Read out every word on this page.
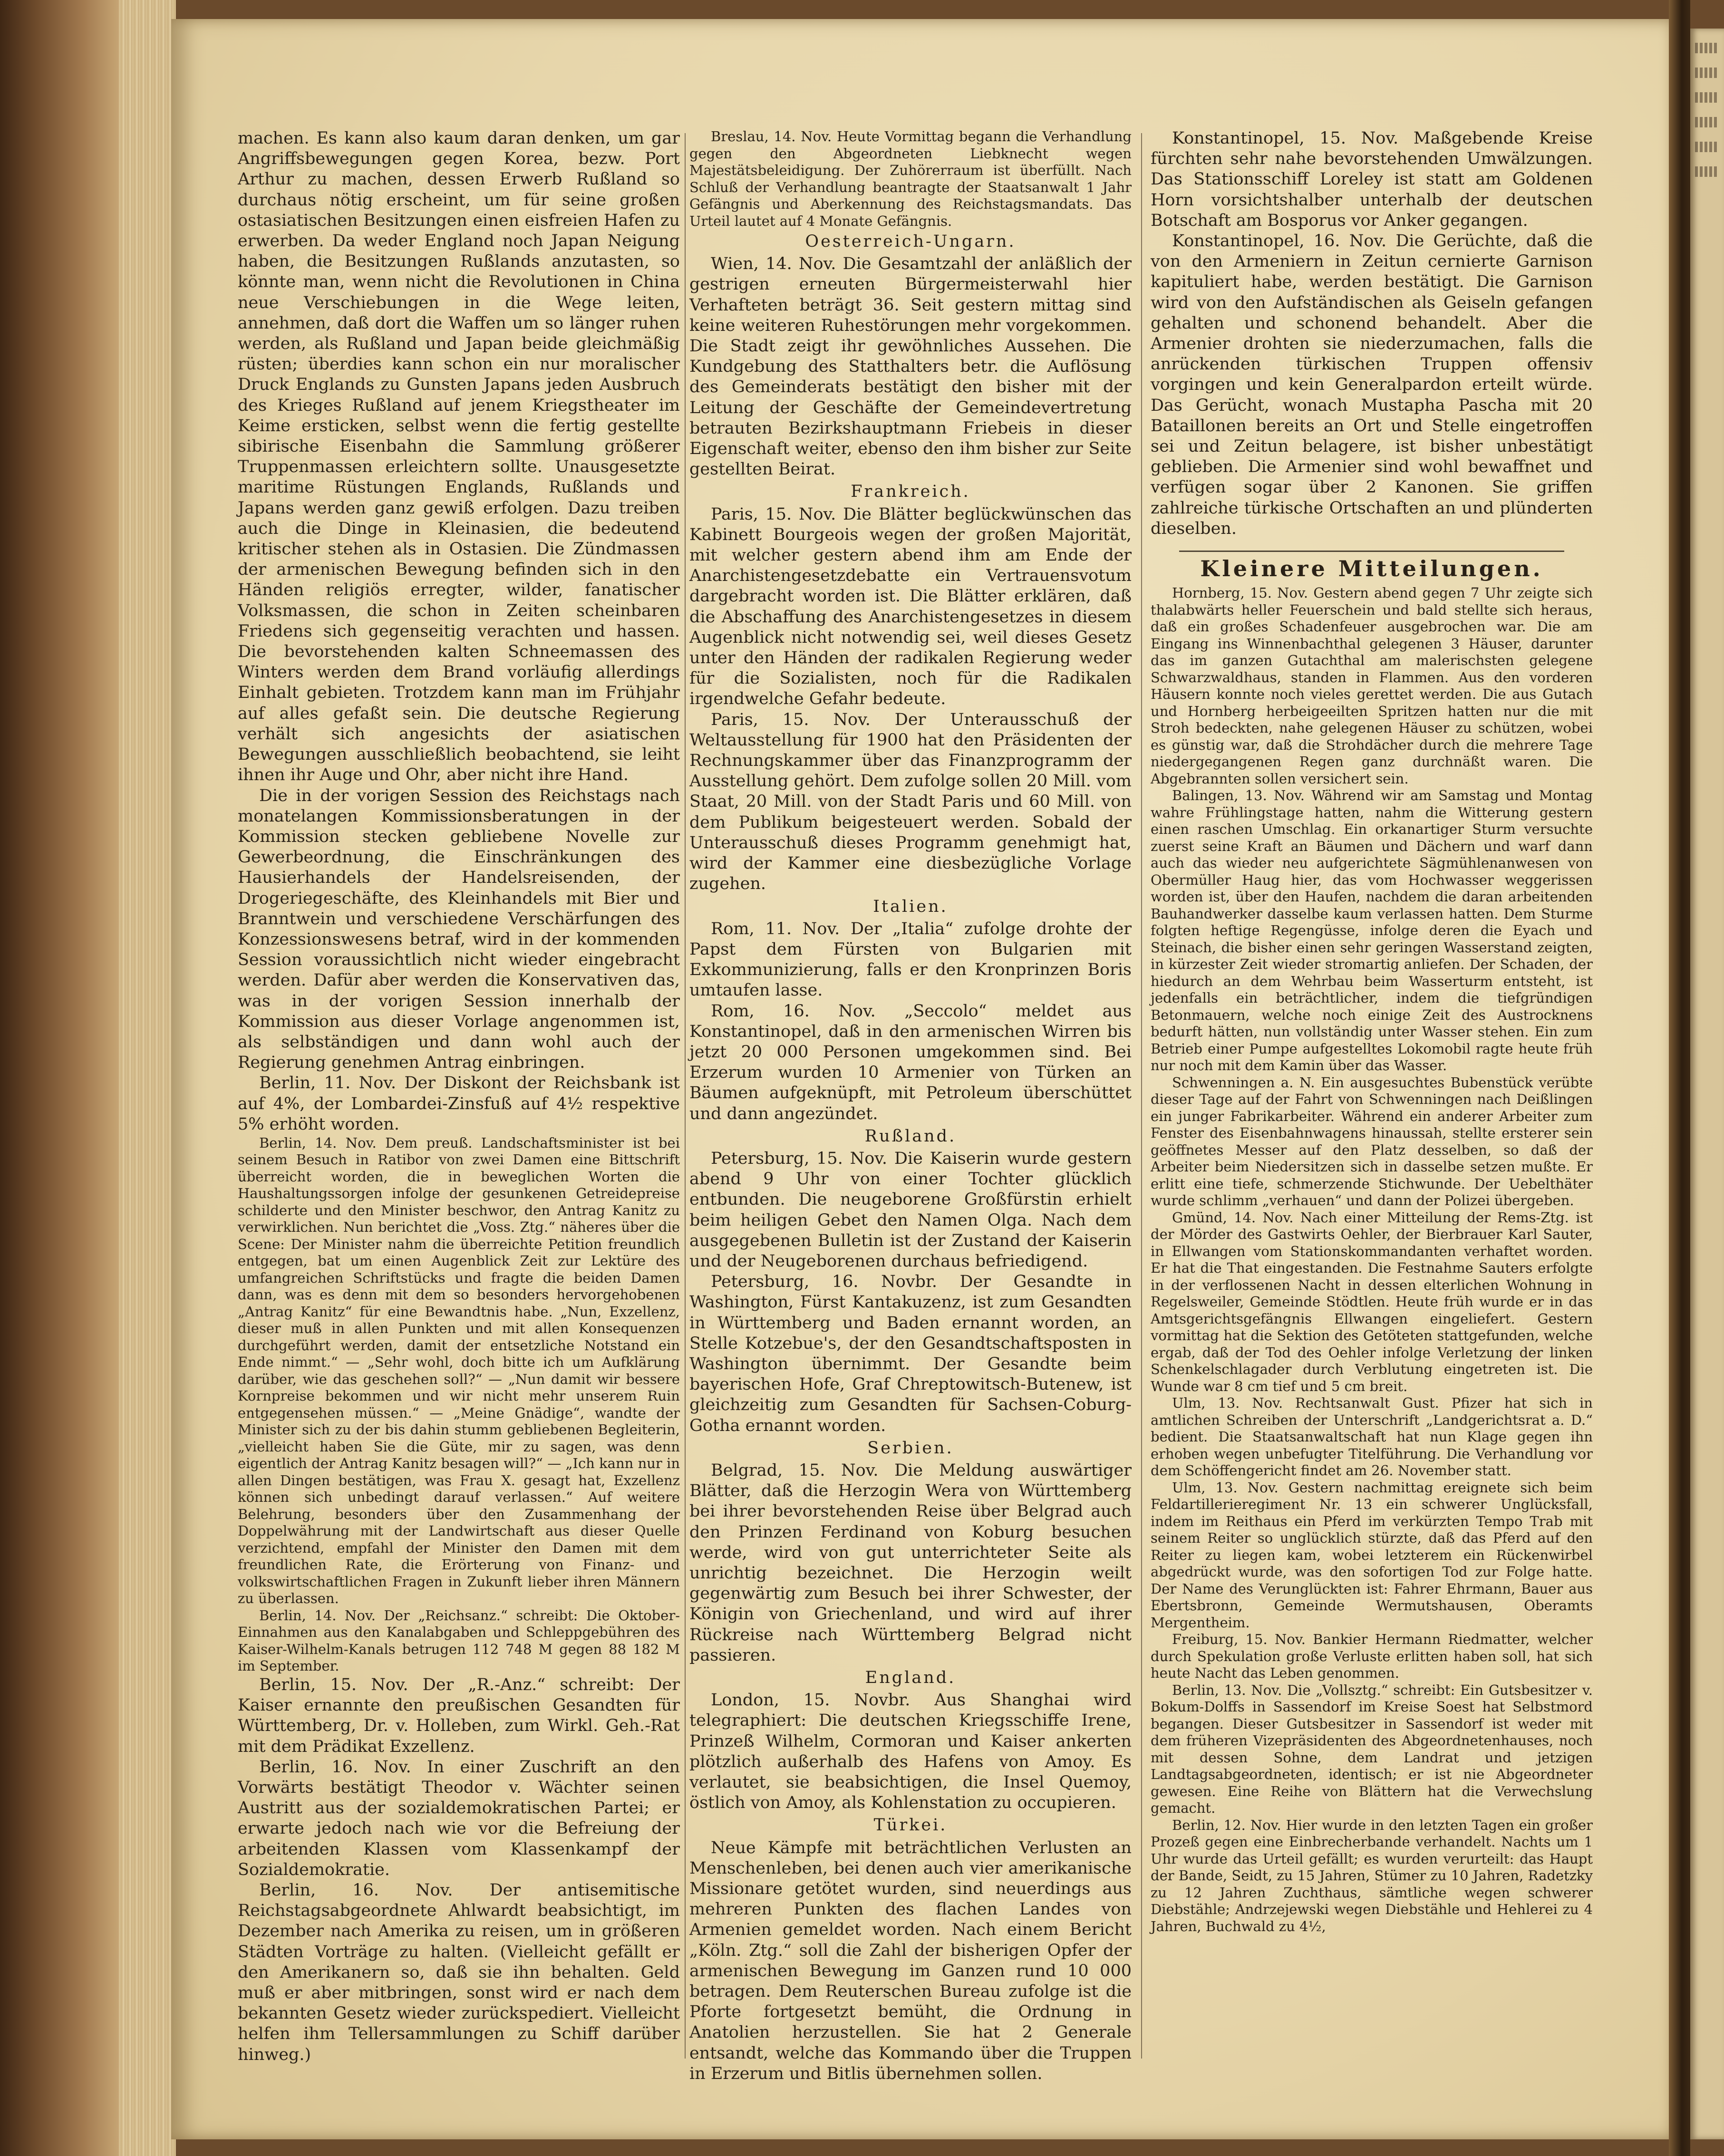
machen. Es kann also kaum daran denken, um gar Angriffsbewegungen gegen Korea, bezw. Port Arthur zu machen, dessen Erwerb Rußland so durchaus nötig erscheint, um für seine großen ostasiatischen Besitzungen einen eisfreien Hafen zu erwerben. Da weder England noch Japan Neigung haben, die Besitzungen Rußlands anzutasten, so könnte man, wenn nicht die Revolutionen in China neue Verschiebungen in die Wege leiten, annehmen, daß dort die Waffen um so länger ruhen werden, als Rußland und Japan beide gleichmäßig rüsten; überdies kann schon ein nur moralischer Druck Englands zu Gunsten Japans jeden Ausbruch des Krieges Rußland auf jenem Kriegstheater im Keime ersticken, selbst wenn die fertig gestellte sibirische Eisenbahn die Sammlung größerer Truppenmassen erleichtern sollte. Unausgesetzte maritime Rüstungen Englands, Rußlands und Japans werden ganz gewiß erfolgen. Dazu treiben auch die Dinge in Kleinasien, die bedeutend kritischer stehen als in Ostasien. Die Zündmassen der armenischen Bewegung befinden sich in den Händen religiös erregter, wilder, fanatischer Volksmassen, die schon in Zeiten scheinbaren Friedens sich gegenseitig verachten und hassen. Die bevorstehenden kalten Schneemassen des Winters werden dem Brand vorläufig allerdings Einhalt gebieten. Trotzdem kann man im Frühjahr auf alles gefaßt sein. Die deutsche Regierung verhält sich angesichts der asiatischen Bewegungen ausschließlich beobachtend, sie leiht ihnen ihr Auge und Ohr, aber nicht ihre Hand.

Die in der vorigen Session des Reichstags nach monatelangen Kommissionsberatungen in der Kommission stecken gebliebene Novelle zur Gewerbeordnung, die Einschränkungen des Hausierhandels der Handelsreisenden, der Drogeriegeschäfte, des Kleinhandels mit Bier und Branntwein und verschiedene Verschärfungen des Konzessionswesens betraf, wird in der kommenden Session voraussichtlich nicht wieder eingebracht werden. Dafür aber werden die Konservativen das, was in der vorigen Session innerhalb der Kommission aus dieser Vorlage angenommen ist, als selbständigen und dann wohl auch der Regierung genehmen Antrag einbringen.

Berlin, 11. Nov. Der Diskont der Reichsbank ist auf 4%, der Lombardei-Zinsfuß auf 4½ respektive 5% erhöht worden.

Berlin, 14. Nov. Dem preuß. Landschaftsminister ist bei seinem Besuch in Ratibor von zwei Damen eine Bittschrift überreicht worden, die in beweglichen Worten die Haushaltungssorgen infolge der gesunkenen Getreidepreise schilderte und den Minister beschwor, den Antrag Kanitz zu verwirklichen. Nun berichtet die „Voss. Ztg.“ näheres über die Scene: Der Minister nahm die überreichte Petition freundlich entgegen, bat um einen Augenblick Zeit zur Lektüre des umfangreichen Schriftstücks und fragte die beiden Damen dann, was es denn mit dem so besonders hervorgehobenen „Antrag Kanitz“ für eine Bewandtnis habe. „Nun, Exzellenz, dieser muß in allen Punkten und mit allen Konsequenzen durchgeführt werden, damit der entsetzliche Notstand ein Ende nimmt.“ — „Sehr wohl, doch bitte ich um Aufklärung darüber, wie das geschehen soll?“ — „Nun damit wir bessere Kornpreise bekommen und wir nicht mehr unserem Ruin entgegensehen müssen.“ — „Meine Gnädige“, wandte der Minister sich zu der bis dahin stumm gebliebenen Begleiterin, „vielleicht haben Sie die Güte, mir zu sagen, was denn eigentlich der Antrag Kanitz besagen will?“ — „Ich kann nur in allen Dingen bestätigen, was Frau X. gesagt hat, Exzellenz können sich unbedingt darauf verlassen.“ Auf weitere Belehrung, besonders über den Zusammenhang der Doppelwährung mit der Landwirtschaft aus dieser Quelle verzichtend, empfahl der Minister den Damen mit dem freundlichen Rate, die Erörterung von Finanz- und volkswirtschaftlichen Fragen in Zukunft lieber ihren Männern zu überlassen.

Berlin, 14. Nov. Der „Reichsanz.“ schreibt: Die Oktober-Einnahmen aus den Kanalabgaben und Schleppgebühren des Kaiser-Wilhelm-Kanals betrugen 112 748 M gegen 88 182 M im September.

Berlin, 15. Nov. Der „R.-Anz.“ schreibt: Der Kaiser ernannte den preußischen Gesandten für Württemberg, Dr. v. Holleben, zum Wirkl. Geh.-Rat mit dem Prädikat Exzellenz.

Berlin, 16. Nov. In einer Zuschrift an den Vorwärts bestätigt Theodor v. Wächter seinen Austritt aus der sozialdemokratischen Partei; er erwarte jedoch nach wie vor die Befreiung der arbeitenden Klassen vom Klassenkampf der Sozialdemokratie.

Berlin, 16. Nov. Der antisemitische Reichstagsabgeordnete Ahlwardt beabsichtigt, im Dezember nach Amerika zu reisen, um in größeren Städten Vorträge zu halten. (Vielleicht gefällt er den Amerikanern so, daß sie ihn behalten. Geld muß er aber mitbringen, sonst wird er nach dem bekannten Gesetz wieder zurückspediert. Vielleicht helfen ihm Tellersammlungen zu Schiff darüber hinweg.)

Breslau, 14. Nov. Heute Vormittag begann die Verhandlung gegen den Abgeordneten Liebknecht wegen Majestätsbeleidigung. Der Zuhörerraum ist überfüllt. Nach Schluß der Verhandlung beantragte der Staatsanwalt 1 Jahr Gefängnis und Aberkennung des Reichstagsmandats. Das Urteil lautet auf 4 Monate Gefängnis.

Oesterreich-Ungarn.

Wien, 14. Nov. Die Gesamtzahl der anläßlich der gestrigen erneuten Bürgermeisterwahl hier Verhafteten beträgt 36. Seit gestern mittag sind keine weiteren Ruhestörungen mehr vorgekommen. Die Stadt zeigt ihr gewöhnliches Aussehen. Die Kundgebung des Statthalters betr. die Auflösung des Gemeinderats bestätigt den bisher mit der Leitung der Geschäfte der Gemeindevertretung betrauten Bezirkshauptmann Friebeis in dieser Eigenschaft weiter, ebenso den ihm bisher zur Seite gestellten Beirat.

Frankreich.

Paris, 15. Nov. Die Blätter beglückwünschen das Kabinett Bourgeois wegen der großen Majorität, mit welcher gestern abend ihm am Ende der Anarchistengesetzdebatte ein Vertrauensvotum dargebracht worden ist. Die Blätter erklären, daß die Abschaffung des Anarchistengesetzes in diesem Augenblick nicht notwendig sei, weil dieses Gesetz unter den Händen der radikalen Regierung weder für die Sozialisten, noch für die Radikalen irgendwelche Gefahr bedeute.

Paris, 15. Nov. Der Unterausschuß der Weltausstellung für 1900 hat den Präsidenten der Rechnungskammer über das Finanzprogramm der Ausstellung gehört. Dem zufolge sollen 20 Mill. vom Staat, 20 Mill. von der Stadt Paris und 60 Mill. von dem Publikum beigesteuert werden. Sobald der Unterausschuß dieses Programm genehmigt hat, wird der Kammer eine diesbezügliche Vorlage zugehen.

Italien.

Rom, 11. Nov. Der „Italia“ zufolge drohte der Papst dem Fürsten von Bulgarien mit Exkommunizierung, falls er den Kronprinzen Boris umtaufen lasse.

Rom, 16. Nov. „Seccolo“ meldet aus Konstantinopel, daß in den armenischen Wirren bis jetzt 20 000 Personen umgekommen sind. Bei Erzerum wurden 10 Armenier von Türken an Bäumen aufgeknüpft, mit Petroleum überschüttet und dann angezündet.

Rußland.

Petersburg, 15. Nov. Die Kaiserin wurde gestern abend 9 Uhr von einer Tochter glücklich entbunden. Die neugeborene Großfürstin erhielt beim heiligen Gebet den Namen Olga. Nach dem ausgegebenen Bulletin ist der Zustand der Kaiserin und der Neugeborenen durchaus befriedigend.

Petersburg, 16. Novbr. Der Gesandte in Washington, Fürst Kantakuzenz, ist zum Gesandten in Württemberg und Baden ernannt worden, an Stelle Kotzebue's, der den Gesandtschaftsposten in Washington übernimmt. Der Gesandte beim bayerischen Hofe, Graf Chreptowitsch-Butenew, ist gleichzeitig zum Gesandten für Sachsen-Coburg-Gotha ernannt worden.

Serbien.

Belgrad, 15. Nov. Die Meldung auswärtiger Blätter, daß die Herzogin Wera von Württemberg bei ihrer bevorstehenden Reise über Belgrad auch den Prinzen Ferdinand von Koburg besuchen werde, wird von gut unterrichteter Seite als unrichtig bezeichnet. Die Herzogin weilt gegenwärtig zum Besuch bei ihrer Schwester, der Königin von Griechenland, und wird auf ihrer Rückreise nach Württemberg Belgrad nicht passieren.

England.

London, 15. Novbr. Aus Shanghai wird telegraphiert: Die deutschen Kriegsschiffe Irene, Prinzeß Wilhelm, Cormoran und Kaiser ankerten plötzlich außerhalb des Hafens von Amoy. Es verlautet, sie beabsichtigen, die Insel Quemoy, östlich von Amoy, als Kohlenstation zu occupieren.

Türkei.

Neue Kämpfe mit beträchtlichen Verlusten an Menschenleben, bei denen auch vier amerikanische Missionare getötet wurden, sind neuerdings aus mehreren Punkten des flachen Landes von Armenien gemeldet worden. Nach einem Bericht „Köln. Ztg.“ soll die Zahl der bisherigen Opfer der armenischen Bewegung im Ganzen rund 10 000 betragen. Dem Reuterschen Bureau zufolge ist die Pforte fortgesetzt bemüht, die Ordnung in Anatolien herzustellen. Sie hat 2 Generale entsandt, welche das Kommando über die Truppen in Erzerum und Bitlis übernehmen sollen.

Konstantinopel, 15. Nov. Maßgebende Kreise fürchten sehr nahe bevorstehenden Umwälzungen. Das Stationsschiff Loreley ist statt am Goldenen Horn vorsichtshalber unterhalb der deutschen Botschaft am Bosporus vor Anker gegangen.

Konstantinopel, 16. Nov. Die Gerüchte, daß die von den Armeniern in Zeitun cernierte Garnison kapituliert habe, werden bestätigt. Die Garnison wird von den Aufständischen als Geiseln gefangen gehalten und schonend behandelt. Aber die Armenier drohten sie niederzumachen, falls die anrückenden türkischen Truppen offensiv vorgingen und kein Generalpardon erteilt würde. Das Gerücht, wonach Mustapha Pascha mit 20 Bataillonen bereits an Ort und Stelle eingetroffen sei und Zeitun belagere, ist bisher unbestätigt geblieben. Die Armenier sind wohl bewaffnet und verfügen sogar über 2 Kanonen. Sie griffen zahlreiche türkische Ortschaften an und plünderten dieselben.

Kleinere Mitteilungen.

Hornberg, 15. Nov. Gestern abend gegen 7 Uhr zeigte sich thalabwärts heller Feuerschein und bald stellte sich heraus, daß ein großes Schadenfeuer ausgebrochen war. Die am Eingang ins Winnenbachthal gelegenen 3 Häuser, darunter das im ganzen Gutachthal am malerischsten gelegene Schwarzwaldhaus, standen in Flammen. Aus den vorderen Häusern konnte noch vieles gerettet werden. Die aus Gutach und Hornberg herbeigeeilten Spritzen hatten nur die mit Stroh bedeckten, nahe gelegenen Häuser zu schützen, wobei es günstig war, daß die Strohdächer durch die mehrere Tage niedergegangenen Regen ganz durchnäßt waren. Die Abgebrannten sollen versichert sein.

Balingen, 13. Nov. Während wir am Samstag und Montag wahre Frühlingstage hatten, nahm die Witterung gestern einen raschen Umschlag. Ein orkanartiger Sturm versuchte zuerst seine Kraft an Bäumen und Dächern und warf dann auch das wieder neu aufgerichtete Sägmühlenanwesen von Obermüller Haug hier, das vom Hochwasser weggerissen worden ist, über den Haufen, nachdem die daran arbeitenden Bauhandwerker dasselbe kaum verlassen hatten. Dem Sturme folgten heftige Regengüsse, infolge deren die Eyach und Steinach, die bisher einen sehr geringen Wasserstand zeigten, in kürzester Zeit wieder stromartig anliefen. Der Schaden, der hiedurch an dem Wehrbau beim Wasserturm entsteht, ist jedenfalls ein beträchtlicher, indem die tiefgründigen Betonmauern, welche noch einige Zeit des Austrocknens bedurft hätten, nun vollständig unter Wasser stehen. Ein zum Betrieb einer Pumpe aufgestelltes Lokomobil ragte heute früh nur noch mit dem Kamin über das Wasser.

Schwenningen a. N. Ein ausgesuchtes Bubenstück verübte dieser Tage auf der Fahrt von Schwenningen nach Deißlingen ein junger Fabrikarbeiter. Während ein anderer Arbeiter zum Fenster des Eisenbahnwagens hinaussah, stellte ersterer sein geöffnetes Messer auf den Platz desselben, so daß der Arbeiter beim Niedersitzen sich in dasselbe setzen mußte. Er erlitt eine tiefe, schmerzende Stichwunde. Der Uebelthäter wurde schlimm „verhauen“ und dann der Polizei übergeben.

Gmünd, 14. Nov. Nach einer Mitteilung der Rems-Ztg. ist der Mörder des Gastwirts Oehler, der Bierbrauer Karl Sauter, in Ellwangen vom Stationskommandanten verhaftet worden. Er hat die That eingestanden. Die Festnahme Sauters erfolgte in der verflossenen Nacht in dessen elterlichen Wohnung in Regelsweiler, Gemeinde Stödtlen. Heute früh wurde er in das Amtsgerichtsgefängnis Ellwangen eingeliefert. Gestern vormittag hat die Sektion des Getöteten stattgefunden, welche ergab, daß der Tod des Oehler infolge Verletzung der linken Schenkelschlagader durch Verblutung eingetreten ist. Die Wunde war 8 cm tief und 5 cm breit.

Ulm, 13. Nov. Rechtsanwalt Gust. Pfizer hat sich in amtlichen Schreiben der Unterschrift „Landgerichtsrat a. D.“ bedient. Die Staatsanwaltschaft hat nun Klage gegen ihn erhoben wegen unbefugter Titelführung. Die Verhandlung vor dem Schöffengericht findet am 26. November statt.

Ulm, 13. Nov. Gestern nachmittag ereignete sich beim Feldartillerieregiment Nr. 13 ein schwerer Unglücksfall, indem im Reithaus ein Pferd im verkürzten Tempo Trab mit seinem Reiter so unglücklich stürzte, daß das Pferd auf den Reiter zu liegen kam, wobei letzterem ein Rückenwirbel abgedrückt wurde, was den sofortigen Tod zur Folge hatte. Der Name des Verunglückten ist: Fahrer Ehrmann, Bauer aus Ebertsbronn, Gemeinde Wermutshausen, Oberamts Mergentheim.

Freiburg, 15. Nov. Bankier Hermann Riedmatter, welcher durch Spekulation große Verluste erlitten haben soll, hat sich heute Nacht das Leben genommen.

Berlin, 13. Nov. Die „Vollsztg.“ schreibt: Ein Gutsbesitzer v. Bokum-Dolffs in Sassendorf im Kreise Soest hat Selbstmord begangen. Dieser Gutsbesitzer in Sassendorf ist weder mit dem früheren Vizepräsidenten des Abgeordnetenhauses, noch mit dessen Sohne, dem Landrat und jetzigen Landtagsabgeordneten, identisch; er ist nie Abgeordneter gewesen. Eine Reihe von Blättern hat die Verwechslung gemacht.

Berlin, 12. Nov. Hier wurde in den letzten Tagen ein großer Prozeß gegen eine Einbrecherbande verhandelt. Nachts um 1 Uhr wurde das Urteil gefällt; es wurden verurteilt: das Haupt der Bande, Seidt, zu 15 Jahren, Stümer zu 10 Jahren, Radetzky zu 12 Jahren Zuchthaus, sämtliche wegen schwerer Diebstähle; Andrzejewski wegen Diebstähle und Hehlerei zu 4 Jahren, Buchwald zu 4½,
